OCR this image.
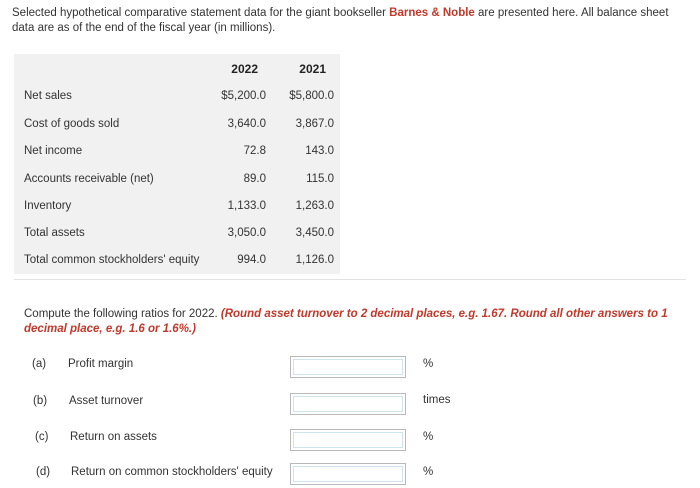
Selected hypothetical comparative statement data for the giant bookseller Barnes & Noble are presented here. All balance sheet data are as of the end of the fiscal year (in millions).
2022	2021
Net sales	$5,200.0	$5,800.0
Cost of goods sold	3,640.0	3,867.0
Net income	72.8	143.0
Accounts receivable (net)	89.0	115.0
Inventory	1,133.0	1,263.0
Total assets	3,050.0	3,450.0
Total common stockholders' equity	994.0	1,126.0
Compute the following ratios for 2022. (Round asset turnover to 2 decimal places, e.g. 1.67. Round all other answers to 1 decimal place, e.g. 1.6 or 1.6%.)
(a) Profit margin	%
(b) Asset turnover	times
(c) Return on assets	%
(d) Return on common stockholders' equity	%
